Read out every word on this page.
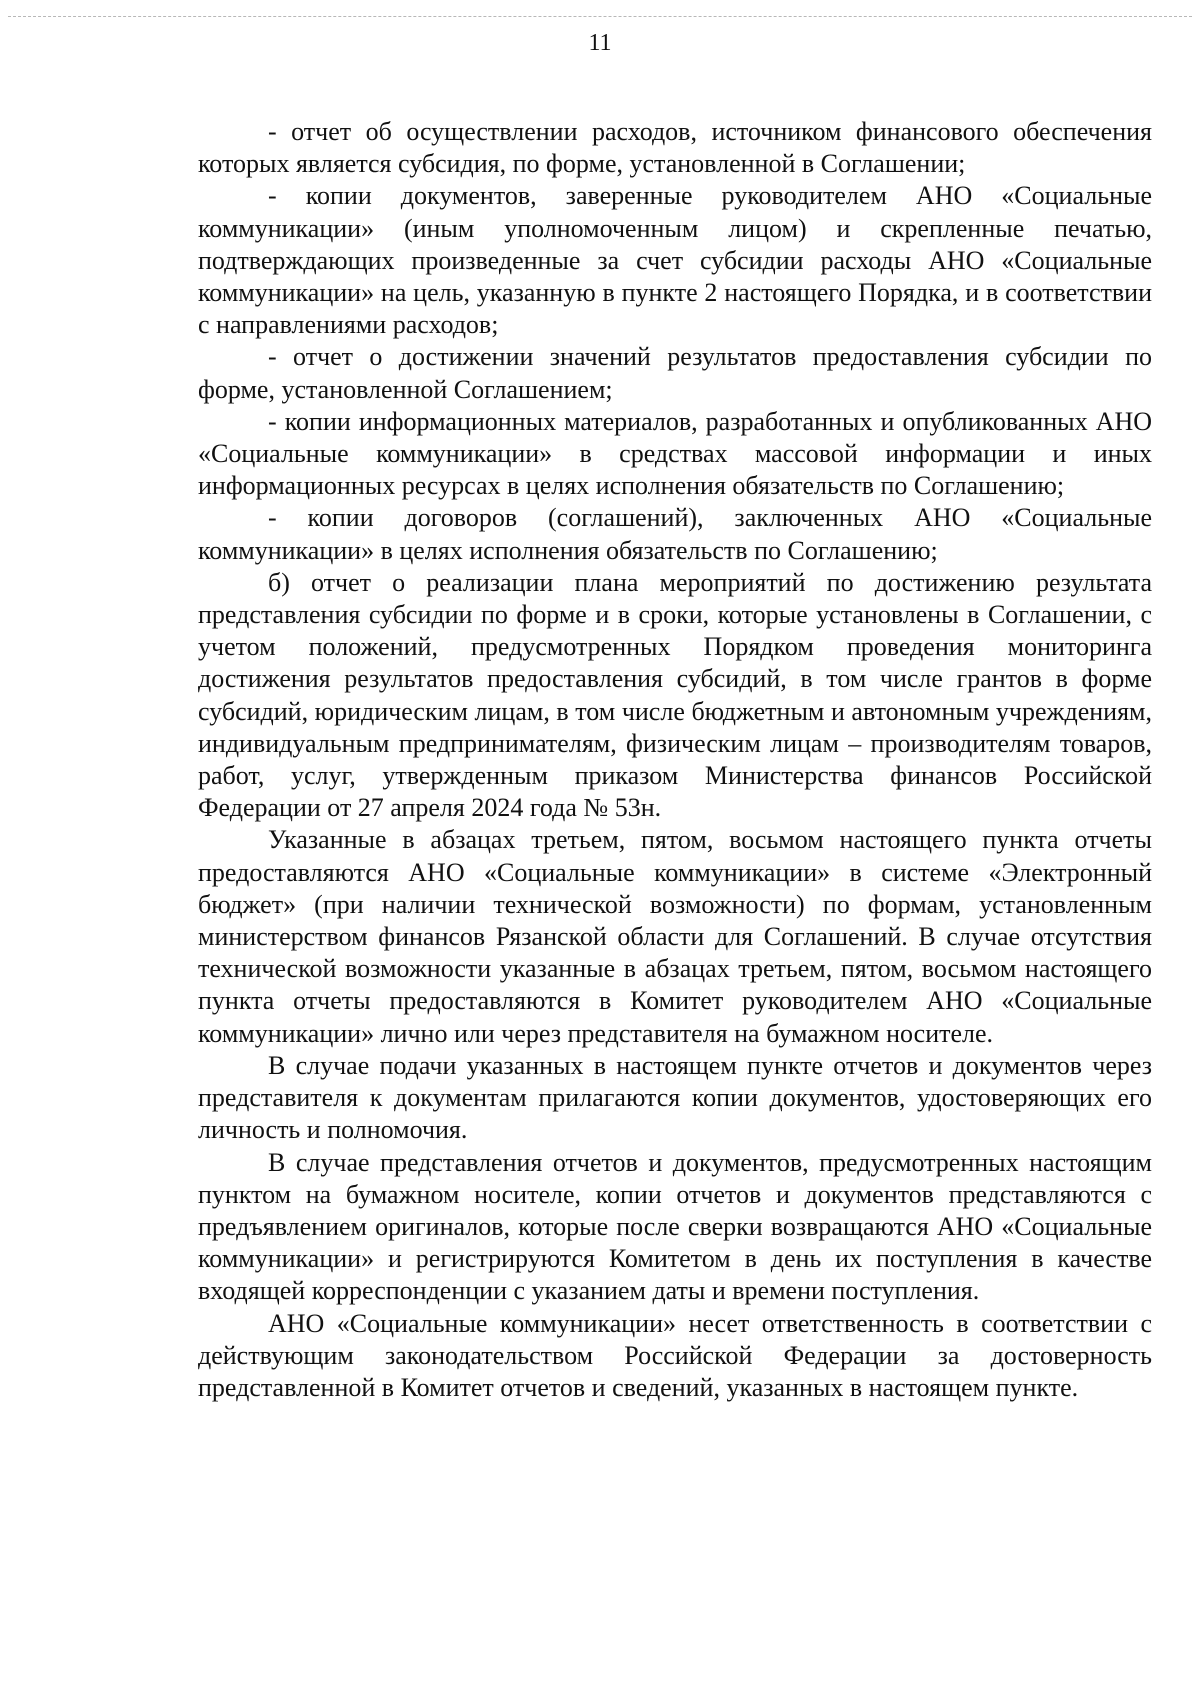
11

- отчет об осуществлении расходов, источником финансового обеспечения которых является субсидия, по форме, установленной в Соглашении;

- копии документов, заверенные руководителем АНО «Социальные коммуникации» (иным уполномоченным лицом) и скрепленные печатью, подтверждающих произведенные за счет субсидии расходы АНО «Социальные коммуникации» на цель, указанную в пункте 2 настоящего Порядка, и в соответствии с направлениями расходов;

- отчет о достижении значений результатов предоставления субсидии по форме, установленной Соглашением;

- копии информационных материалов, разработанных и опубликованных АНО «Социальные коммуникации» в средствах массовой информации и иных информационных ресурсах в целях исполнения обязательств по Соглашению;

- копии договоров (соглашений), заключенных АНО «Социальные коммуникации» в целях исполнения обязательств по Соглашению;

б) отчет о реализации плана мероприятий по достижению результата представления субсидии по форме и в сроки, которые установлены в Соглашении, с учетом положений, предусмотренных Порядком проведения мониторинга достижения результатов предоставления субсидий, в том числе грантов в форме субсидий, юридическим лицам, в том числе бюджетным и автономным учреждениям, индивидуальным предпринимателям, физическим лицам – производителям товаров, работ, услуг, утвержденным приказом Министерства финансов Российской Федерации от 27 апреля 2024 года № 53н.

Указанные в абзацах третьем, пятом, восьмом настоящего пункта отчеты предоставляются АНО «Социальные коммуникации» в системе «Электронный бюджет» (при наличии технической возможности) по формам, установленным министерством финансов Рязанской области для Соглашений. В случае отсутствия технической возможности указанные в абзацах третьем, пятом, восьмом настоящего пункта отчеты предоставляются в Комитет руководителем АНО «Социальные коммуникации» лично или через представителя на бумажном носителе.

В случае подачи указанных в настоящем пункте отчетов и документов через представителя к документам прилагаются копии документов, удостоверяющих его личность и полномочия.

В случае представления отчетов и документов, предусмотренных настоящим пунктом на бумажном носителе, копии отчетов и документов представляются с предъявлением оригиналов, которые после сверки возвращаются АНО «Социальные коммуникации» и регистрируются Комитетом в день их поступления в качестве входящей корреспонденции с указанием даты и времени поступления.

АНО «Социальные коммуникации» несет ответственность в соответствии с действующим законодательством Российской Федерации за достоверность представленной в Комитет отчетов и сведений, указанных в настоящем пункте.
